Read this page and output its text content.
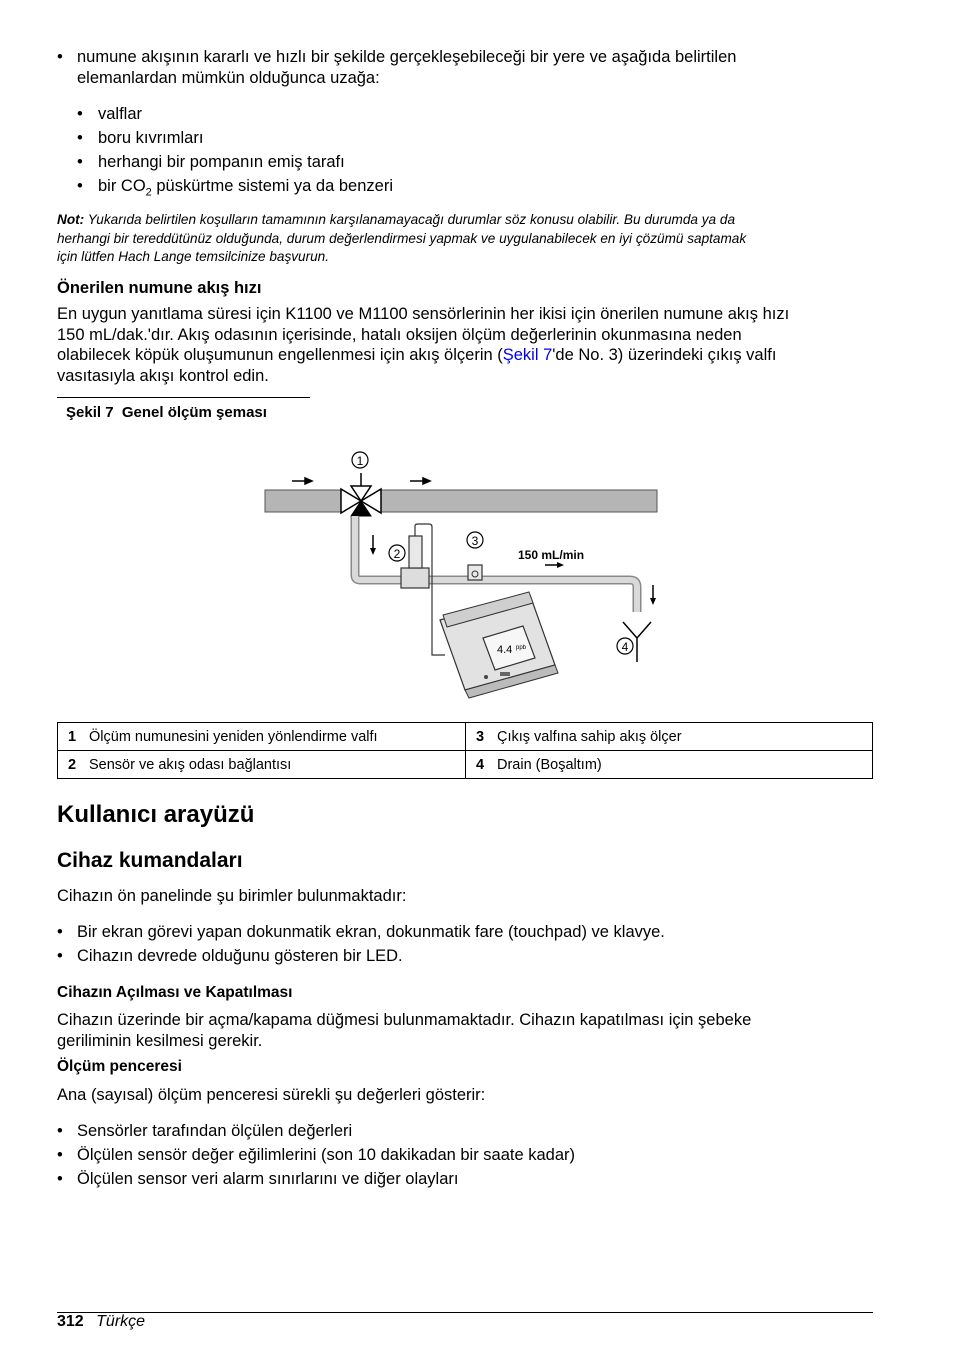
• numune akışının kararlı ve hızlı bir şekilde gerçekleşebileceği bir yere ve aşağıda belirtilen
elemanlardan mümkün olduğunca uzağa:
• valflar
• boru kıvrımları
• herhangi bir pompanın emiş tarafı
• bir $CO_2$ püskürtme sistemi ya da benzeri
Not: Yukarıda belirtilen koşulların tamamının karşılanamayacağı durumlar söz konusu olabilir. Bu durumda ya da
herhangi bir tereddütünüz olduğunda, durum değerlendirmesi yapmak ve uygulanabilecek en iyi çözümü saptamak
için lütfen Hach Lange temsilcinize başvurun.
Önerilen numune akış hızı
En uygun yanıtlama süresi için K1100 ve M1100 sensörlerinin her ikisi için önerilen numune akış hızı
150 mL/dak.'dır. Akış odasının içerisinde, hatalı oksijen ölçüm değerlerinin okunmasına neden
olabilecek köpük oluşumunun engellenmesi için akış ölçerin (Şekil 7'de No. 3) üzerindeki çıkış valfı
vasıtasıyla akışı kontrol edin.
Şekil 7  Genel ölçüm şeması
1
2
3
150 mL/min
4
4.4 ppb
1 Ölçüm numunesini yeniden yönlendirme valfı	3 Çıkış valfına sahip akış ölçer
2 Sensör ve akış odası bağlantısı	4 Drain (Boşaltım)
Kullanıcı arayüzü
Cihaz kumandaları
Cihazın ön panelinde şu birimler bulunmaktadır:
• Bir ekran görevi yapan dokunmatik ekran, dokunmatik fare (touchpad) ve klavye.
• Cihazın devrede olduğunu gösteren bir LED.
Cihazın Açılması ve Kapatılması
Cihazın üzerinde bir açma/kapama düğmesi bulunmamaktadır. Cihazın kapatılması için şebeke
geriliminin kesilmesi gerekir.
Ölçüm penceresi
Ana (sayısal) ölçüm penceresi sürekli şu değerleri gösterir:
• Sensörler tarafından ölçülen değerleri
• Ölçülen sensör değer eğilimlerini (son 10 dakikadan bir saate kadar)
• Ölçülen sensor veri alarm sınırlarını ve diğer olayları
312 Türkçe
